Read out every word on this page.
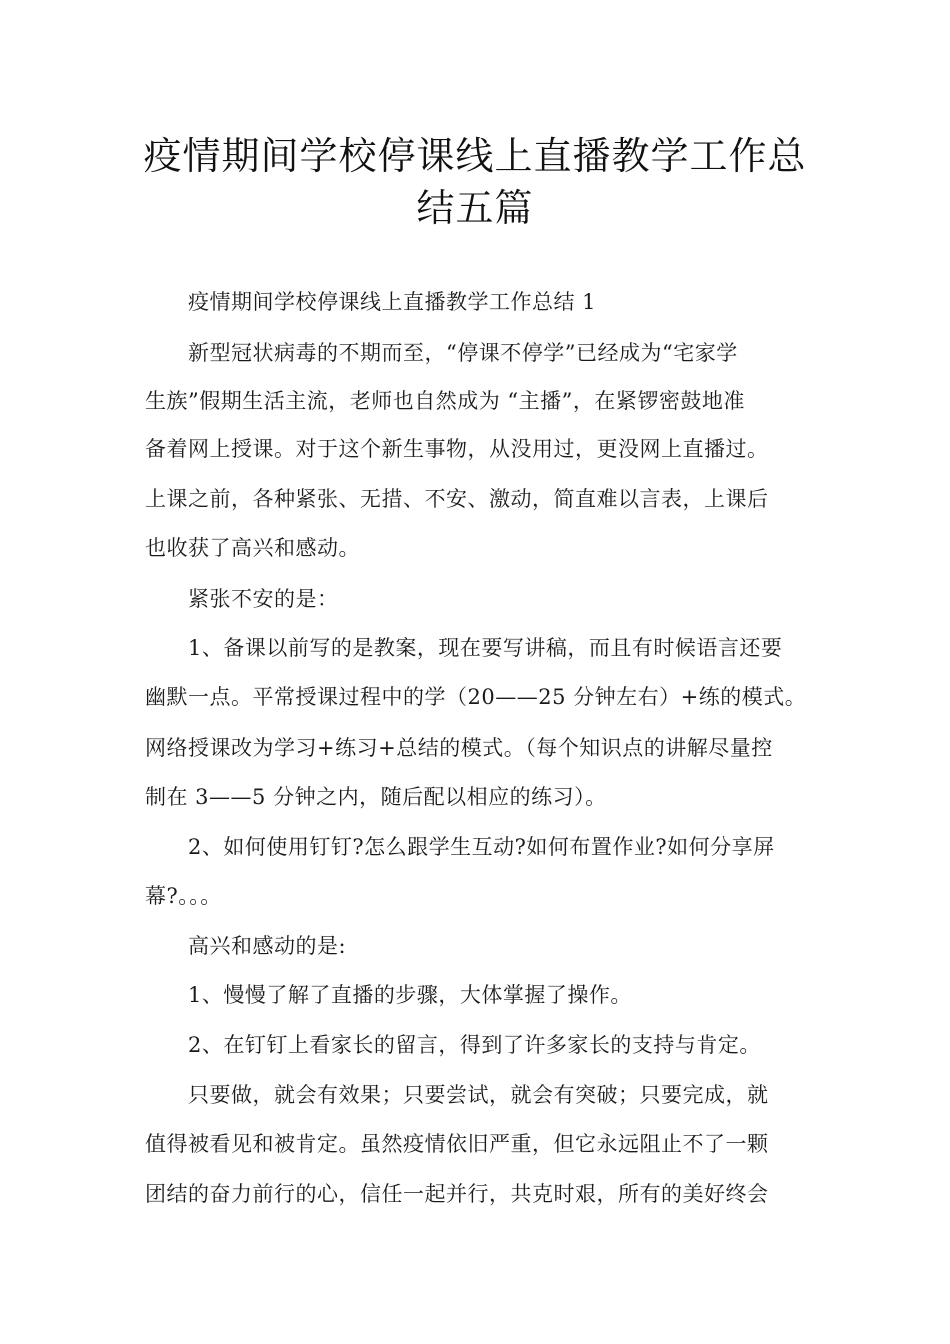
疫情期间学校停课线上直播教学工作总
结五篇

疫情期间学校停课线上直播教学工作总结 1

新型冠状病毒的不期而至，“停课不停学”已经成为“宅家学

生族”假期生活主流，老师也自然成为 “主播”，在紧锣密鼓地准

备着网上授课。对于这个新生事物，从没用过，更没网上直播过。

上课之前，各种紧张、无措、不安、激动，简直难以言表，上课后

也收获了高兴和感动。

紧张不安的是：

1、备课以前写的是教案，现在要写讲稿，而且有时候语言还要

幽默一点。平常授课过程中的学（20——25 分钟左右）+练的模式。

网络授课改为学习+练习+总结的模式。（每个知识点的讲解尽量控

制在 3——5 分钟之内，随后配以相应的练习）。

2、如何使用钉钉?怎么跟学生互动?如何布置作业?如何分享屏

幕?。。。

高兴和感动的是:

1、慢慢了解了直播的步骤，大体掌握了操作。

2、在钉钉上看家长的留言，得到了许多家长的支持与肯定。

只要做，就会有效果；只要尝试，就会有突破；只要完成，就

值得被看见和被肯定。虽然疫情依旧严重，但它永远阻止不了一颗

团结的奋力前行的心，信任一起并行，共克时艰，所有的美好终会
